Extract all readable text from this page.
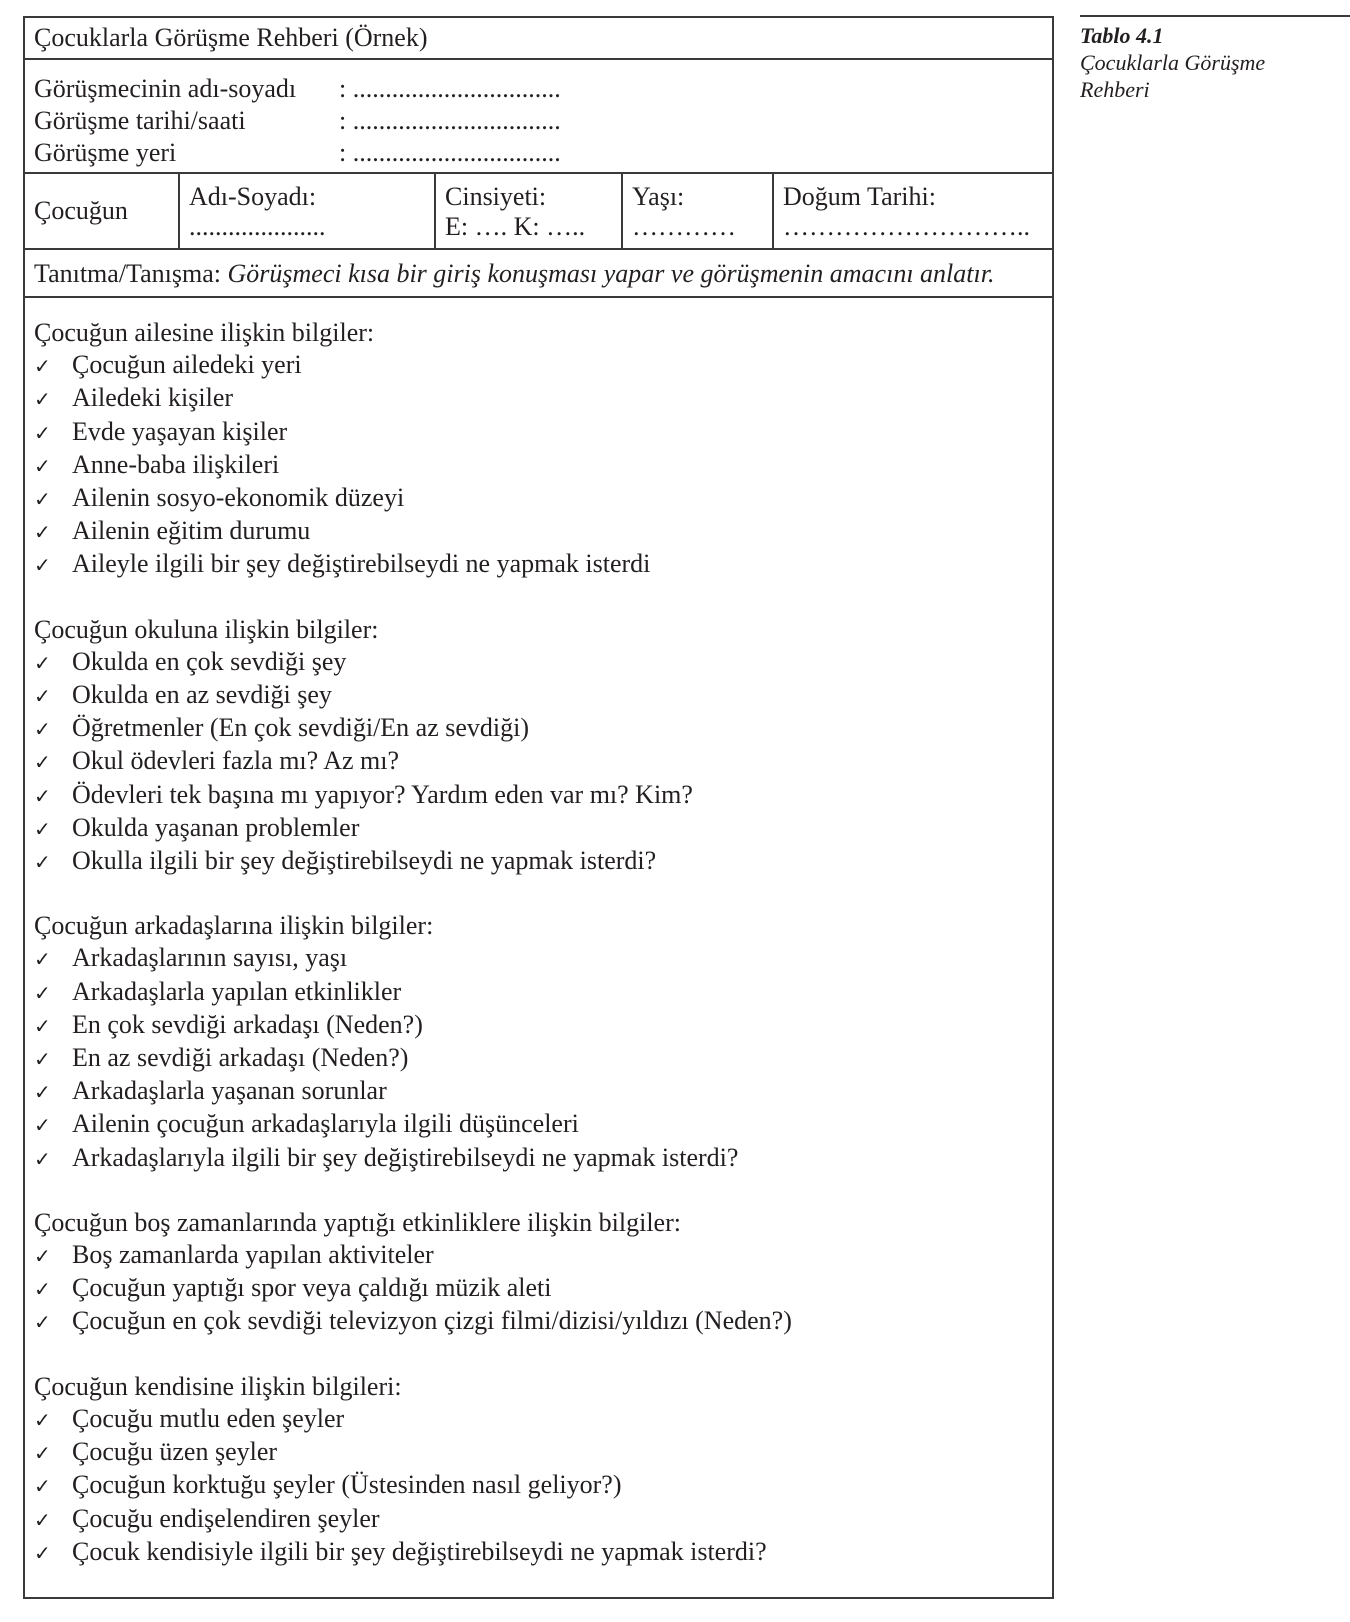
Çocuklarla Görüşme Rehberi (Örnek)
Görüşmecinin adı-soyadı : ................................
Görüşme tarihi/saati	: ................................
Görüşme yeri	: ................................
Çocuğun Adı-Soyadı:
.....................
Cinsiyeti:
E: …. K: …..
Yaşı:
…………
Doğum Tarihi:
………………………..
Tanıtma/Tanışma: Görüşmeci kısa bir giriş konuşması yapar ve görüşmenin amacını anlatır.
Çocuğun ailesine ilişkin bilgiler:
✓ Çocuğun ailedeki yeri
✓ Ailedeki kişiler
✓ Evde yaşayan kişiler
✓ Anne-baba ilişkileri
✓ Ailenin sosyo-ekonomik düzeyi
✓ Ailenin eğitim durumu
✓ Aileyle ilgili bir şey değiştirebilseydi ne yapmak isterdi
Çocuğun okuluna ilişkin bilgiler:
✓ Okulda en çok sevdiği şey
✓ Okulda en az sevdiği şey
✓ Öğretmenler (En çok sevdiği/En az sevdiği)
✓ Okul ödevleri fazla mı? Az mı?
✓ Ödevleri tek başına mı yapıyor? Yardım eden var mı? Kim?
✓ Okulda yaşanan problemler
✓ Okulla ilgili bir şey değiştirebilseydi ne yapmak isterdi?
Çocuğun arkadaşlarına ilişkin bilgiler:
✓ Arkadaşlarının sayısı, yaşı
✓ Arkadaşlarla yapılan etkinlikler
✓ En çok sevdiği arkadaşı (Neden?)
✓ En az sevdiği arkadaşı (Neden?)
✓ Arkadaşlarla yaşanan sorunlar
✓ Ailenin çocuğun arkadaşlarıyla ilgili düşünceleri
✓ Arkadaşlarıyla ilgili bir şey değiştirebilseydi ne yapmak isterdi?
Çocuğun boş zamanlarında yaptığı etkinliklere ilişkin bilgiler:
✓ Boş zamanlarda yapılan aktiviteler
✓ Çocuğun yaptığı spor veya çaldığı müzik aleti
✓ Çocuğun en çok sevdiği televizyon çizgi filmi/dizisi/yıldızı (Neden?)
Çocuğun kendisine ilişkin bilgileri:
✓ Çocuğu mutlu eden şeyler
✓ Çocuğu üzen şeyler
✓ Çocuğun korktuğu şeyler (Üstesinden nasıl geliyor?)
✓ Çocuğu endişelendiren şeyler
✓ Çocuk kendisiyle ilgili bir şey değiştirebilseydi ne yapmak isterdi?
Tablo 4.1
Çocuklarla Görüşme Rehberi
